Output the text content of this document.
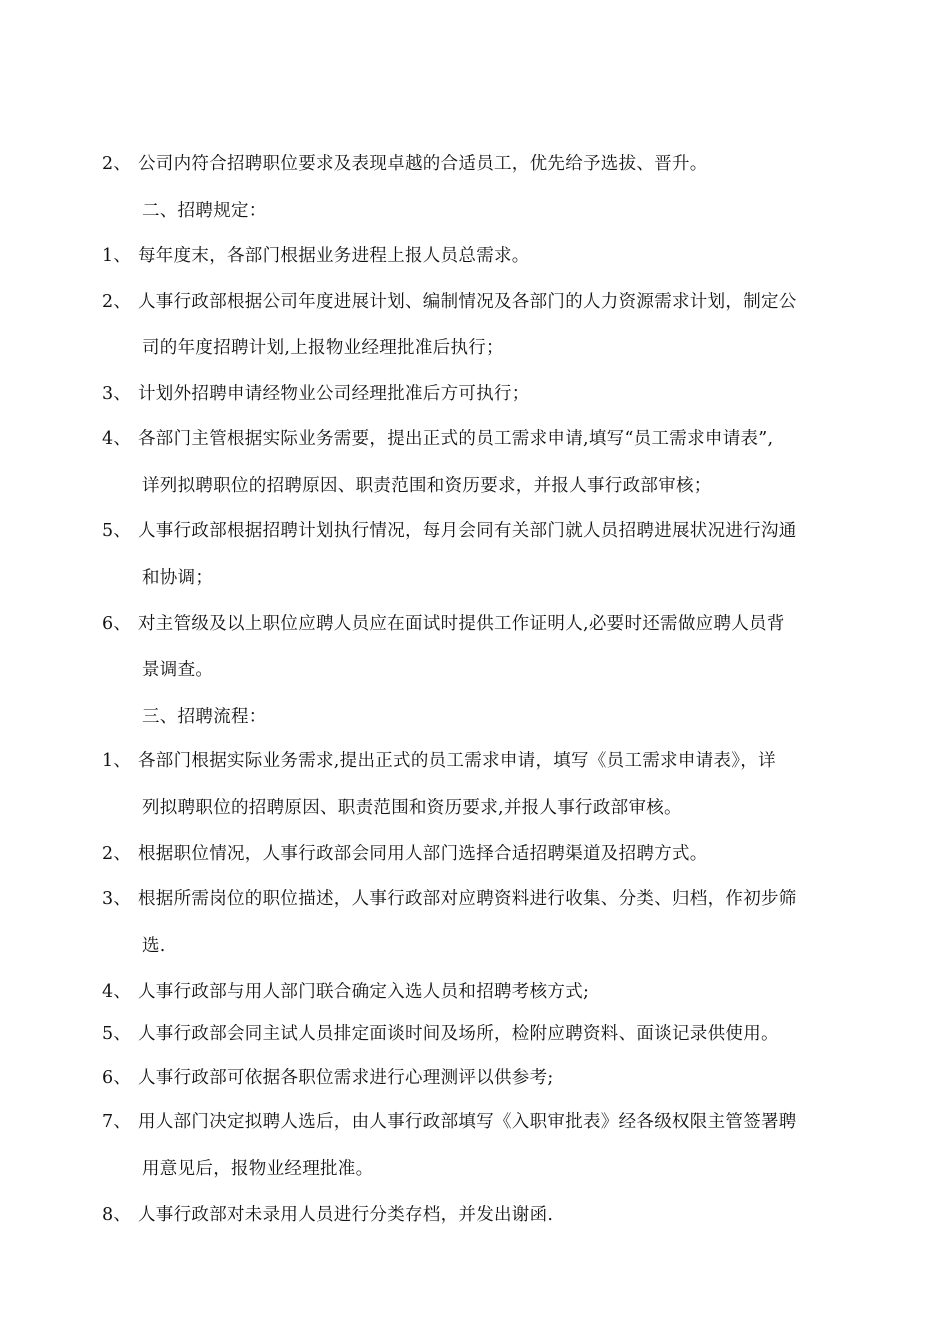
2、 公司内符合招聘职位要求及表现卓越的合适员工，优先给予选拔、晋升。
二、招聘规定：
1、 每年度末，各部门根据业务进程上报人员总需求。
2、 人事行政部根据公司年度进展计划、编制情况及各部门的人力资源需求计划，制定公
司的年度招聘计划,上报物业经理批准后执行；
3、 计划外招聘申请经物业公司经理批准后方可执行；
4、 各部门主管根据实际业务需要，提出正式的员工需求申请,填写“员工需求申请表”,
详列拟聘职位的招聘原因、职责范围和资历要求，并报人事行政部审核；
5、 人事行政部根据招聘计划执行情况，每月会同有关部门就人员招聘进展状况进行沟通
和协调；
6、 对主管级及以上职位应聘人员应在面试时提供工作证明人,必要时还需做应聘人员背
景调查。
三、招聘流程：
1、 各部门根据实际业务需求,提出正式的员工需求申请，填写《员工需求申请表》，详
列拟聘职位的招聘原因、职责范围和资历要求,并报人事行政部审核。
2、 根据职位情况，人事行政部会同用人部门选择合适招聘渠道及招聘方式。
3、 根据所需岗位的职位描述，人事行政部对应聘资料进行收集、分类、归档，作初步筛
选.
4、 人事行政部与用人部门联合确定入选人员和招聘考核方式;
5、 人事行政部会同主试人员排定面谈时间及场所，检附应聘资料、面谈记录供使用。
6、 人事行政部可依据各职位需求进行心理测评以供参考;
7、 用人部门决定拟聘人选后，由人事行政部填写《入职审批表》经各级权限主管签署聘
用意见后，报物业经理批准。
8、 人事行政部对未录用人员进行分类存档，并发出谢函.
